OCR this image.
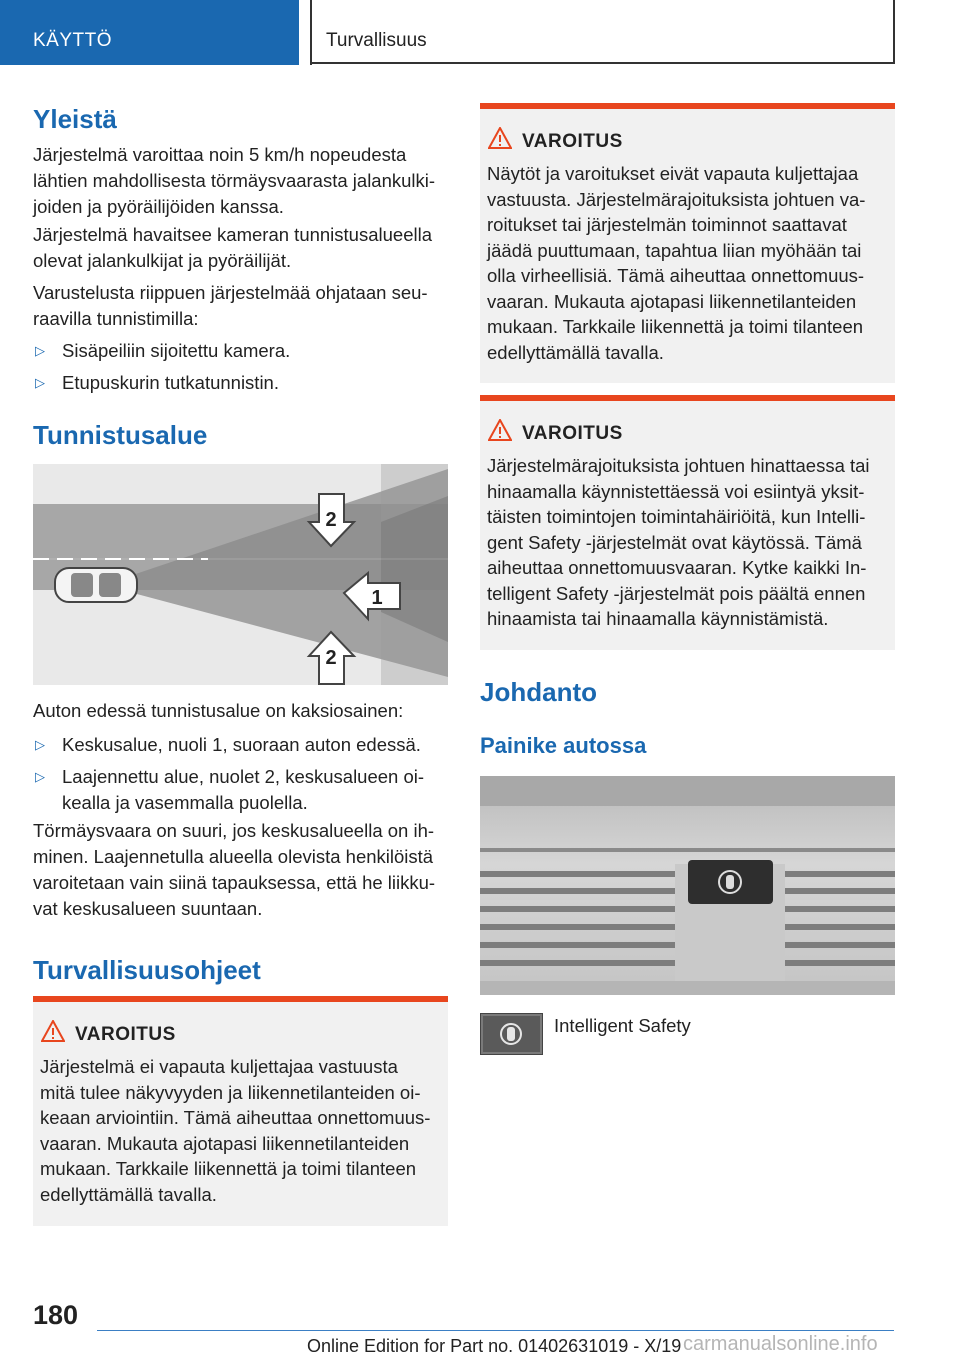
KÄYTTÖ	Turvallisuus
Yleistä
Järjestelmä varoittaa noin 5 km/h nopeudesta
lähtien mahdollisesta törmäysvaarasta jalankulki-
joiden ja pyöräilijöiden kanssa.
Järjestelmä havaitsee kameran tunnistusalueella
olevat jalankulkijat ja pyöräilijät.
Varustelusta riippuen järjestelmää ohjataan seu-
raavilla tunnistimilla:
▷ Sisäpeiliin sijoitettu kamera.
▷ Etupuskurin tutkatunnistin.
Tunnistusalue
2
1
2
Auton edessä tunnistusalue on kaksiosainen:
▷ Keskusalue, nuoli 1, suoraan auton edessä.
▷ Laajennettu alue, nuolet 2, keskusalueen oi-
kealla ja vasemmalla puolella.
Törmäysvaara on suuri, jos keskusalueella on ih-
minen. Laajennetulla alueella olevista henkilöistä
varoitetaan vain siinä tapauksessa, että he liikku-
vat keskusalueen suuntaan.
Turvallisuusohjeet
VAROITUS
Järjestelmä ei vapauta kuljettajaa vastuusta
mitä tulee näkyvyyden ja liikennetilanteiden oi-
keaan arviointiin. Tämä aiheuttaa onnettomuus-
vaaran. Mukauta ajotapasi liikennetilanteiden
mukaan. Tarkkaile liikennettä ja toimi tilanteen
edellyttämällä tavalla.
VAROITUS
Näytöt ja varoitukset eivät vapauta kuljettajaa
vastuusta. Järjestelmärajoituksista johtuen va-
roitukset tai järjestelmän toiminnot saattavat
jäädä puuttumaan, tapahtua liian myöhään tai
olla virheellisiä. Tämä aiheuttaa onnettomuus-
vaaran. Mukauta ajotapasi liikennetilanteiden
mukaan. Tarkkaile liikennettä ja toimi tilanteen
edellyttämällä tavalla.
VAROITUS
Järjestelmärajoituksista johtuen hinattaessa tai
hinaamalla käynnistettäessä voi esiintyä yksit-
täisten toimintojen toimintahäiriöitä, kun Intelli-
gent Safety -järjestelmät ovat käytössä. Tämä
aiheuttaa onnettomuusvaaran. Kytke kaikki In-
telligent Safety -järjestelmät pois päältä ennen
hinaamista tai hinaamalla käynnistämistä.
Johdanto
Painike autossa
Intelligent Safety
180
Online Edition for Part no. 01402631019 - X/19 carmanualsonline.info
